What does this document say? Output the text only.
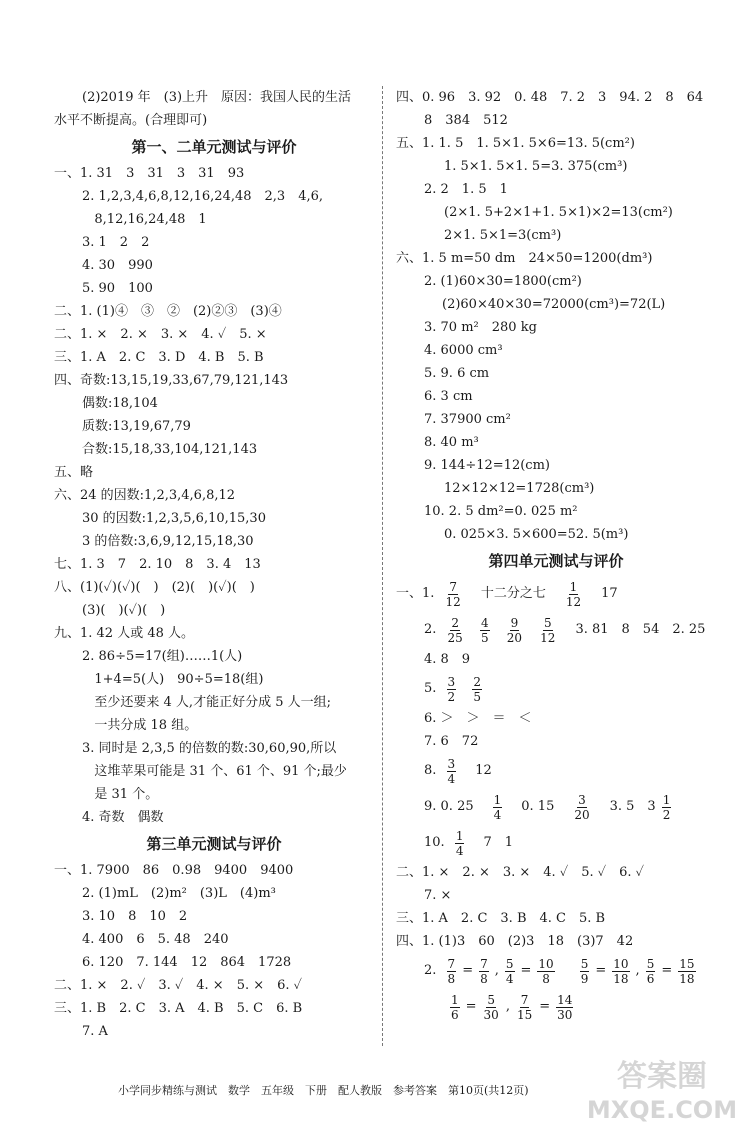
(2)2019 年　(3)上升　原因：我国人民的生活
水平不断提高。(合理即可)
第一、二单元测试与评价
一、1. 31　3　31　3　31　93
2. 1,2,3,4,6,8,12,16,24,48　2,3　4,6,
8,12,16,24,48　1
3. 1　2　2
4. 30　990
5. 90　100
二、1. (1)④　③　②　(2)②③　(3)④
二、1. ×　2. ×　3. ×　4. ✓　5. ×
三、1. A　2. C　3. D　4. B　5. B
四、奇数:13,15,19,33,67,79,121,143
偶数:18,104
质数:13,19,67,79
合数:15,18,33,104,121,143
五、略
六、24 的因数:1,2,3,4,6,8,12
30 的因数:1,2,3,5,6,10,15,30
3 的倍数:3,6,9,12,15,18,30
七、1. 3　7　2. 10　8　3. 4　13
八、(1)(✓)(✓)(　)　(2)(　)(✓)(　)
(3)(　)(✓)(　)
九、1. 42 人或 48 人。
2. 86÷5=17(组)……1(人)
1+4=5(人)　90÷5=18(组)
至少还要来 4 人,才能正好分成 5 人一组;
一共分成 18 组。
3. 同时是 2,3,5 的倍数的数:30,60,90,所以
这堆苹果可能是 31 个、61 个、91 个;最少
是 31 个。
4. 奇数　偶数
第三单元测试与评价
一、1. 7900　86　0.98　9400　9400
2. (1)mL　(2)m²　(3)L　(4)m³
3. 10　8　10　2
4. 400　6　5. 48　240
6. 120　7. 144　12　864　1728
二、1. ×　2. ✓　3. ✓　4. ×　5. ×　6. ✓
三、1. B　2. C　3. A　4. B　5. C　6. B
7. A
四、0. 96　3. 92　0. 48　7. 2　3　94. 2　8　64
8　384　512
五、1. 1. 5　1. 5×1. 5×6=13. 5(cm²)
1. 5×1. 5×1. 5=3. 375(cm³)
2. 2　1. 5　1
(2×1. 5+2×1+1. 5×1)×2=13(cm²)
2×1. 5×1=3(cm³)
六、1. 5 m=50 dm　24×50=1200(dm³)
2. (1)60×30=1800(cm²)
(2)60×40×30=72000(cm³)=72(L)
3. 70 m²　280 kg
4. 6000 cm³
5. 9. 6 cm
6. 3 cm
7. 37900 cm²
8. 40 m³
9. 144÷12=12(cm)
12×12×12=1728(cm³)
10. 2. 5 dm²=0. 025 m²
0. 025×3. 5×600=52. 5(m³)
第四单元测试与评价
一、1. $\frac{7}{12}$ 　十二分之七　 $\frac{1}{12}$ 　17
2. $\frac{2}{25}$
$\frac{4}{5}$
$\frac{9}{20}$
$\frac{5}{12}$ 　3. 81　8　54　2. 25
4. 8　9
5. $\frac{3}{2}$
$\frac{2}{5}$
6. ＞　＞　＝　＜
7. 6　72
8. $\frac{3}{4}$ 　12
9. 0. 25　 $\frac{1}{4}$ 　0. 15　 $\frac{3}{20}$ 　3. 5　$3 \frac{1}{2}$
10. $\frac{1}{4}$ 　7　1
二、1. ×　2. ×　3. ×　4. ✓　5. ✓　6. ✓
7. ×
三、1. A　2. C　3. B　4. C　5. B
四、1. (1)3　60　(2)3　18　(3)7　42
2. $\frac{7}{8} = \frac{7}{8}$ , $\frac{5}{4} = \frac{10}{8}$
　 $\frac{5}{9} = \frac{10}{18}$ , $\frac{5}{6} = \frac{15}{18}$
$\frac{1}{6} = \frac{5}{30}$ , $\frac{7}{15} = \frac{14}{30}$
小学同步精练与测试　数学　五年级　下册　配人教版　参考答案　第10页(共12页)	答案圈
MXQE.COM
